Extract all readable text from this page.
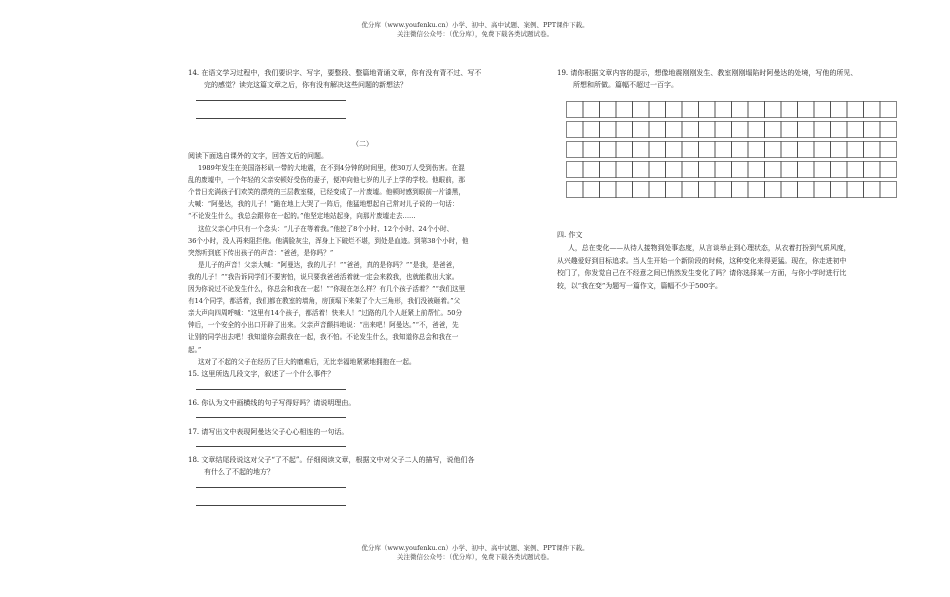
优分库（www.youfenku.cn）小学、初中、高中试题、案例、PPT课件下载。
关注微信公众号：（优分库），免费下载各类试题试卷。
优分库（www.youfenku.cn）小学、初中、高中试题、案例、PPT课件下载。
关注微信公众号：（优分库），免费下载各类试题试卷。
14. 在语文学习过程中，我们要识字、写字，要整段、整篇地背诵文章，你有没有背不过、写不
完的感觉？读完这篇文章之后，你有没有解决这些问题的新想法？
（二）
阅读下面选自课外的文字，回答文后的问题。
1989年发生在美国洛杉矶一带的大地震，在不到4分钟的时间里，使30万人受到伤害。在混
乱的废墟中，一个年轻的父亲安顿好受伤的妻子，便冲向他七岁的儿子上学的学校。他眼前，那
个昔日充满孩子们欢笑的漂亮的三层教室楼，已经变成了一片废墟。他顿时感到眼前一片漆黑，
大喊：“阿曼达，我的儿子！”跪在地上大哭了一阵后，他猛地想起自己常对儿子说的一句话：
“不论发生什么，我总会跟你在一起的。”他坚定地站起身，向那片废墟走去……
这位父亲心中只有一个念头：“儿子在等着我。”他挖了8个小时、12个小时、24个小时、
36个小时，没人再来阻拦他。他满脸灰尘，浑身上下破烂不堪，到处是血迹。到第38个小时，他
突然听到底下传出孩子的声音：“爸爸，是你吗？”
是儿子的声音！父亲大喊：“阿曼达，我的儿子！”“爸爸，真的是你吗？”“是我，是爸爸，
我的儿子！”“我告诉同学们不要害怕，说只要我爸爸活着就一定会来救我，也就能救出大家。
因为你说过不论发生什么，你总会和我在一起！”“你现在怎么样？有几个孩子活着？”“我们这里
有14个同学，都活着，我们都在教室的墙角，房顶塌下来架了个大三角形，我们没被砸着。”父
亲大声向四周呼喊：“这里有14个孩子，都活着！快来人！”过路的几个人赶紧上前帮忙。50分
钟后，一个安全的小出口开辟了出来。父亲声音颤抖地说：“出来吧！阿曼达。”“不，爸爸，先
让别的同学出去吧！我知道你会跟我在一起，我不怕。不论发生什么，我知道你总会和我在一
起。”
这对了不起的父子在经历了巨大的磨难后，无比幸福地紧紧地拥抱在一起。
15. 这里所选几段文字，叙述了一个什么事件？
16. 你认为文中画横线的句子写得好吗？请说明理由。
17. 请写出文中表现阿曼达父子心心相连的一句话。
18. 文章结尾段说这对父子“了不起”。仔细阅读文章，根据文中对父子二人的描写，说他们各
有什么了不起的地方？
19. 请你根据文章内容的提示，想像地震刚刚发生、教室刚刚塌陷时阿曼达的处境，写他的所见、
所想和所做。篇幅不超过一百字。
四. 作文
人，总在变化——从待人接物到处事态度，从言谈举止到心理状态，从衣着打扮到气质风度，
从兴趣爱好到目标追求。当人生开始一个新阶段的时候，这种变化来得更猛。现在，你走进初中
校门了，你发觉自己在不经意之间已悄然发生变化了吗？请你选择某一方面，与你小学时进行比
较，以“我在变”为题写一篇作文，篇幅不少于500字。
